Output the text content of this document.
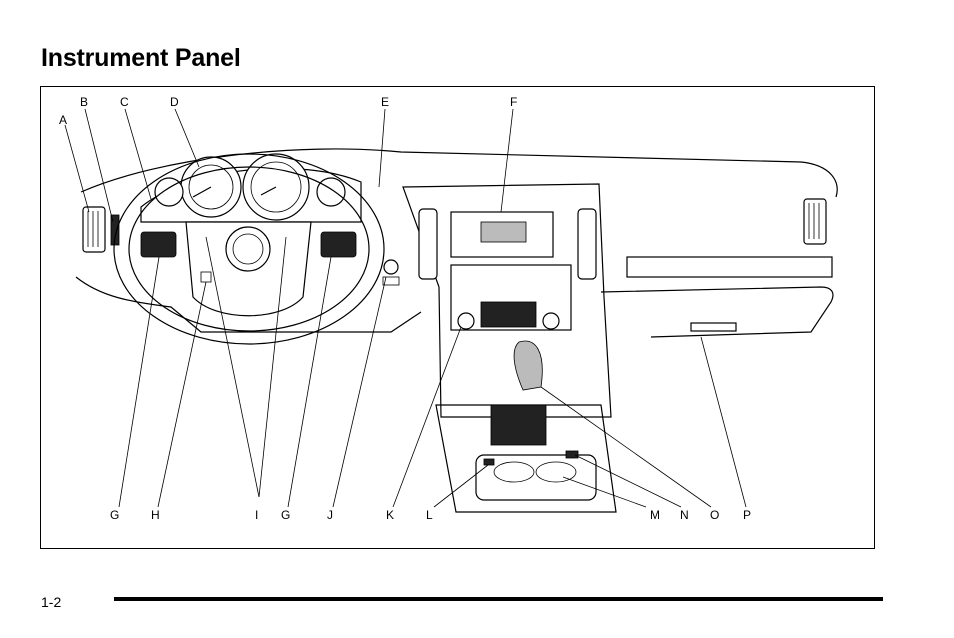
Instrument Panel
A
B	C	D	E	F
G	H	I G	J	K	L	M N O P
1-2
